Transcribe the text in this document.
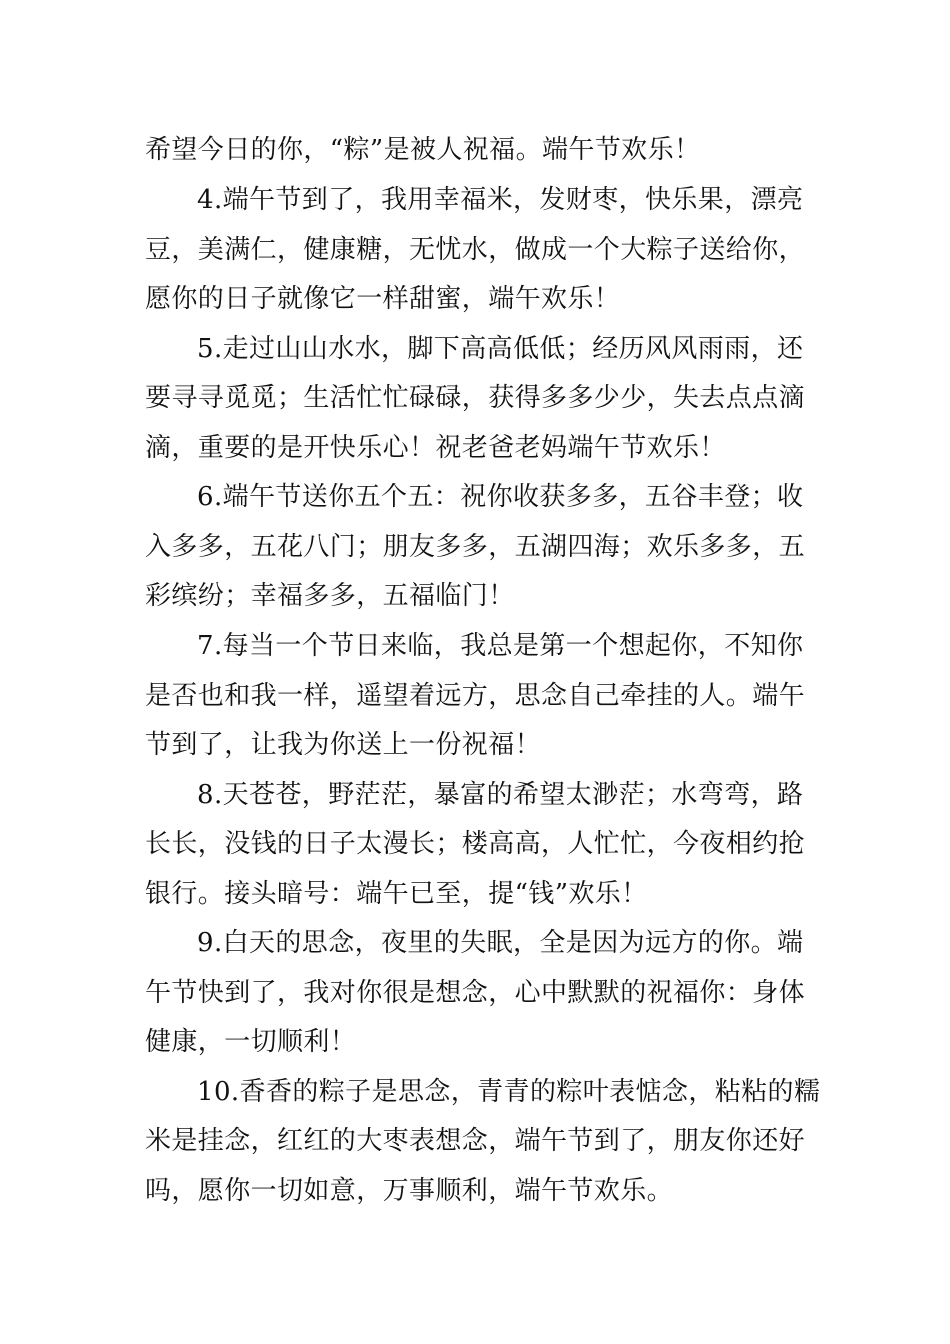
希望今日的你，“粽”是被人祝福。端午节欢乐！
4.端午节到了，我用幸福米，发财枣，快乐果，漂亮
豆，美满仁，健康糖，无忧水，做成一个大粽子送给你，
愿你的日子就像它一样甜蜜，端午欢乐！
5.走过山山水水，脚下高高低低；经历风风雨雨，还
要寻寻觅觅；生活忙忙碌碌，获得多多少少，失去点点滴
滴，重要的是开快乐心！祝老爸老妈端午节欢乐！
6.端午节送你五个五：祝你收获多多，五谷丰登；收
入多多，五花八门；朋友多多，五湖四海；欢乐多多，五
彩缤纷；幸福多多，五福临门！
7.每当一个节日来临，我总是第一个想起你，不知你
是否也和我一样，遥望着远方，思念自己牵挂的人。端午
节到了，让我为你送上一份祝福！
8.天苍苍，野茫茫，暴富的希望太渺茫；水弯弯，路
长长，没钱的日子太漫长；楼高高，人忙忙，今夜相约抢
银行。接头暗号：端午已至，提“钱”欢乐！
9.白天的思念，夜里的失眠，全是因为远方的你。端
午节快到了，我对你很是想念，心中默默的祝福你：身体
健康，一切顺利！
10.香香的粽子是思念，青青的粽叶表惦念，粘粘的糯
米是挂念，红红的大枣表想念，端午节到了，朋友你还好
吗，愿你一切如意，万事顺利，端午节欢乐。
